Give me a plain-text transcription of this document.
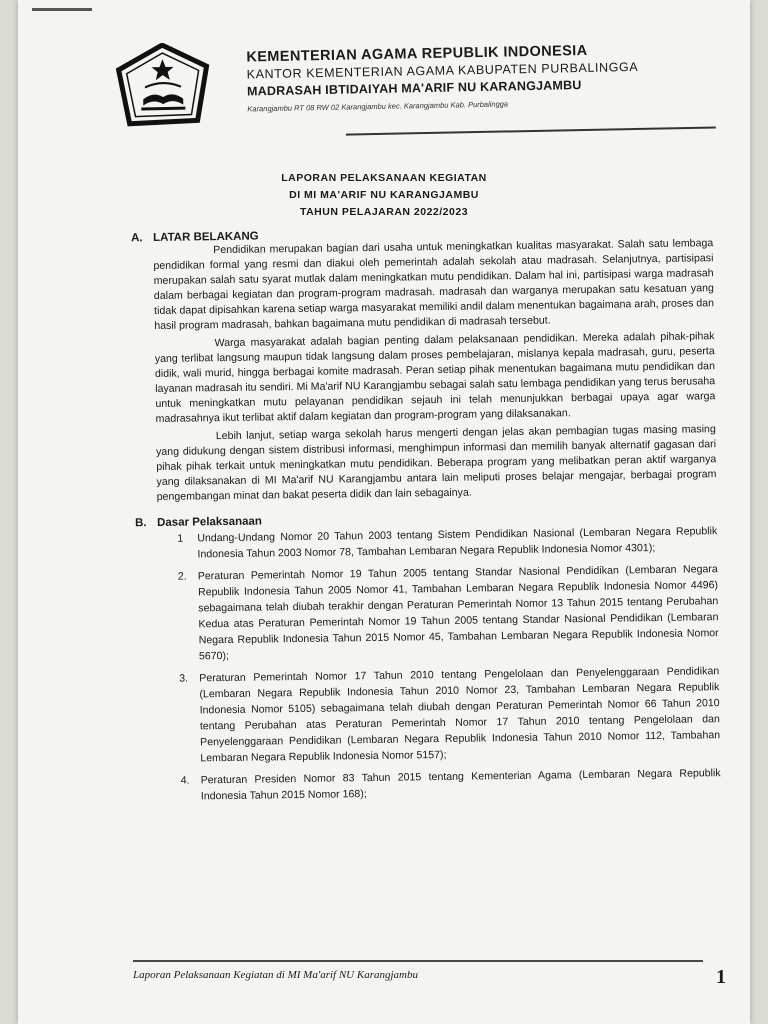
KEMENTERIAN AGAMA REPUBLIK INDONESIA
KANTOR KEMENTERIAN AGAMA KABUPATEN PURBALINGGA
MADRASAH IBTIDAIYAH MA'ARIF NU KARANGJAMBU
Karangjambu RT 08 RW 02 Karangjambu kec. Karangjambu Kab. Purbalingga
LAPORAN PELAKSANAAN KEGIATAN
DI MI MA'ARIF NU KARANGJAMBU
TAHUN PELAJARAN 2022/2023
A. LATAR BELAKANG

Pendidikan merupakan bagian dari usaha untuk meningkatkan kualitas masyarakat. Salah satu lembaga pendidikan formal yang resmi dan diakui oleh pemerintah adalah sekolah atau madrasah. Selanjutnya, partisipasi merupakan salah satu syarat mutlak dalam meningkatkan mutu pendidikan. Dalam hal ini, partisipasi warga madrasah dalam berbagai kegiatan dan program-program madrasah. madrasah dan warganya merupakan satu kesatuan yang tidak dapat dipisahkan karena setiap warga masyarakat memiliki andil dalam menentukan bagaimana arah, proses dan hasil program madrasah, bahkan bagaimana mutu pendidikan di madrasah tersebut.

Warga masyarakat adalah bagian penting dalam pelaksanaan pendidikan. Mereka adalah pihak-pihak yang terlibat langsung maupun tidak langsung dalam proses pembelajaran, mislanya kepala madrasah, guru, peserta didik, wali murid, hingga berbagai komite madrasah. Peran setiap pihak menentukan bagaimana mutu pendidikan dan layanan madrasah itu sendiri. Mi Ma'arif NU Karangjambu sebagai salah satu lembaga pendidikan yang terus berusaha untuk meningkatkan mutu pelayanan pendidikan sejauh ini telah menunjukkan berbagai upaya agar warga madrasahnya ikut terlibat aktif dalam kegiatan dan program-program yang dilaksanakan.

Lebih lanjut, setiap warga sekolah harus mengerti dengan jelas akan pembagian tugas masing masing yang didukung dengan sistem distribusi informasi, menghimpun informasi dan memilih banyak alternatif gagasan dari pihak pihak terkait untuk meningkatkan mutu pendidikan. Beberapa program yang melibatkan peran aktif warganya yang dilaksanakan di MI Ma'arif NU Karangjambu antara lain meliputi proses belajar mengajar, berbagai program pengembangan minat dan bakat peserta didik dan lain sebagainya.

B. Dasar Pelaksanaan
1 Undang-Undang Nomor 20 Tahun 2003 tentang Sistem Pendidikan Nasional (Lembaran Negara Republik Indonesia Tahun 2003 Nomor 78, Tambahan Lembaran Negara Republik Indonesia Nomor 4301);
2. Peraturan Pemerintah Nomor 19 Tahun 2005 tentang Standar Nasional Pendidikan (Lembaran Negara Republik Indonesia Tahun 2005 Nomor 41, Tambahan Lembaran Negara Republik Indonesia Nomor 4496) sebagaimana telah diubah terakhir dengan Peraturan Pemerintah Nomor 13 Tahun 2015 tentang Perubahan Kedua atas Peraturan Pemerintah Nomor 19 Tahun 2005 tentang Standar Nasional Pendidikan (Lembaran Negara Republik Indonesia Tahun 2015 Nomor 45, Tambahan Lembaran Negara Republik Indonesia Nomor 5670);
3. Peraturan Pemerintah Nomor 17 Tahun 2010 tentang Pengelolaan dan Penyelenggaraan Pendidikan (Lembaran Negara Republik Indonesia Tahun 2010 Nomor 23, Tambahan Lembaran Negara Republik Indonesia Nomor 5105) sebagaimana telah diubah dengan Peraturan Pemerintah Nomor 66 Tahun 2010 tentang Perubahan atas Peraturan Pemerintah Nomor 17 Tahun 2010 tentang Pengelolaan dan Penyelenggaraan Pendidikan (Lembaran Negara Republik Indonesia Tahun 2010 Nomor 112, Tambahan Lembaran Negara Republik Indonesia Nomor 5157);
4. Peraturan Presiden Nomor 83 Tahun 2015 tentang Kementerian Agama (Lembaran Negara Republik Indonesia Tahun 2015 Nomor 168);
Laporan Pelaksanaan Kegiatan di MI Ma'arif NU Karangjambu	1
